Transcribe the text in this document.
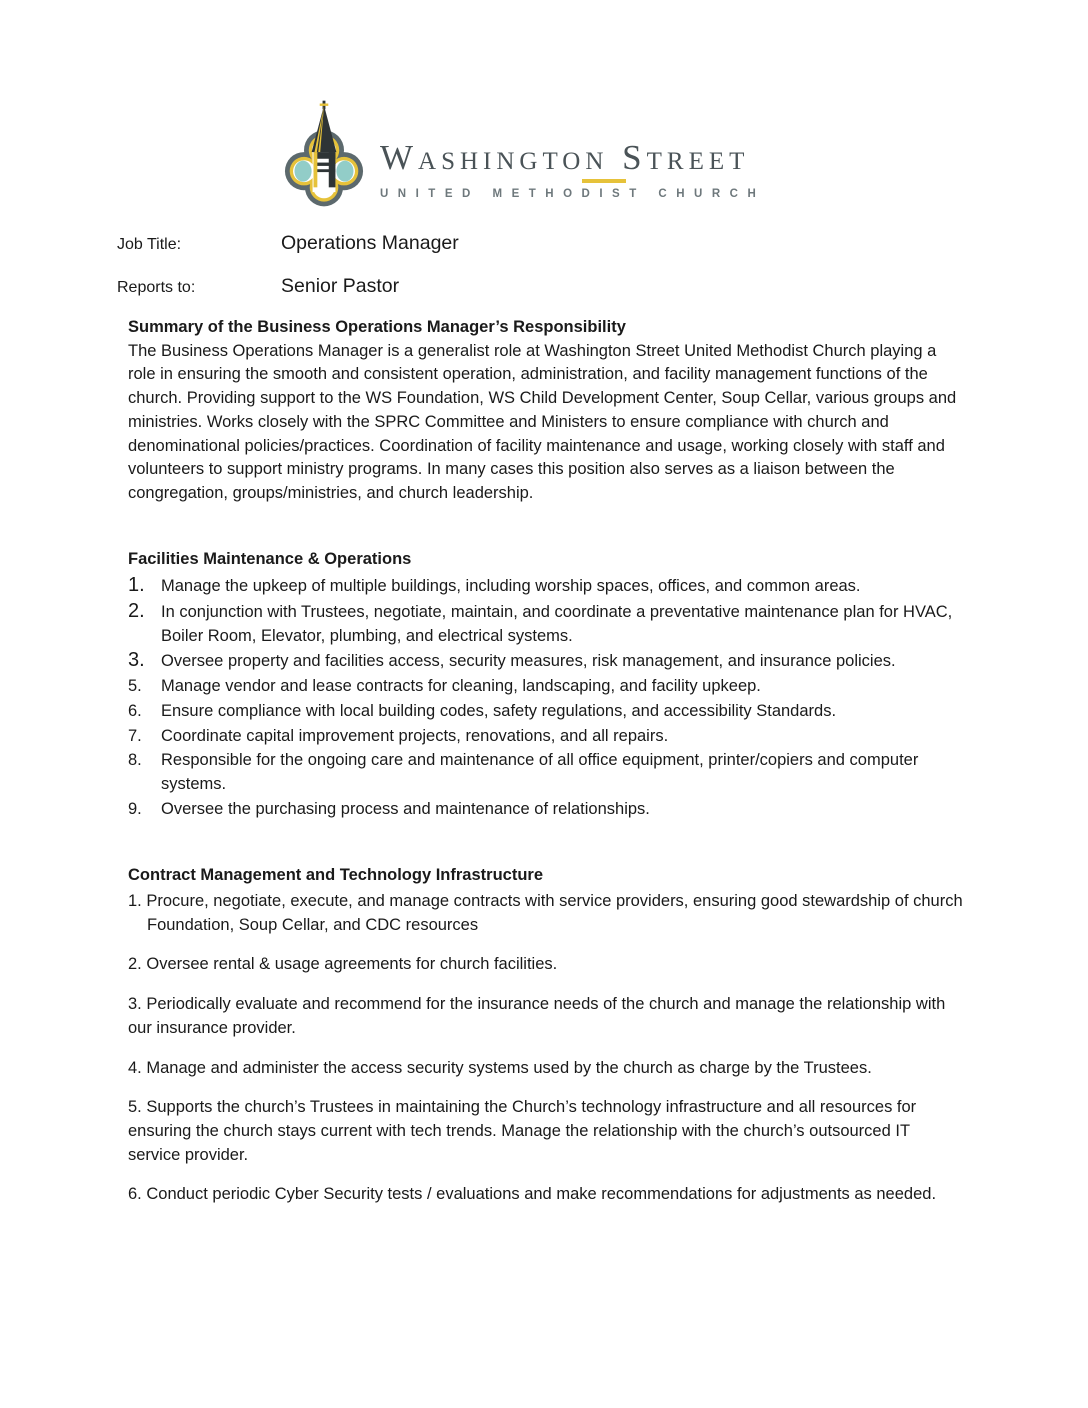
Washington Street
UNITED METHODIST CHURCH
Job Title:	Operations Manager
Reports to:	Senior Pastor
Summary of the Business Operations Manager’s Responsibility

The Business Operations Manager is a generalist role at Washington Street United Methodist Church playing a role in ensuring the smooth and consistent operation, administration, and facility management functions of the church. Providing support to the WS Foundation, WS Child Development Center, Soup Cellar, various groups and ministries. Works closely with the SPRC Committee and Ministers to ensure compliance with church and denominational policies/practices. Coordination of facility maintenance and usage, working closely with staff and volunteers to support ministry programs. In many cases this position also serves as a liaison between the congregation, groups/ministries, and church leadership.

Facilities Maintenance & Operations
1. Manage the upkeep of multiple buildings, including worship spaces, offices, and common areas.
2. In conjunction with Trustees, negotiate, maintain, and coordinate a preventative maintenance plan for HVAC, Boiler Room, Elevator, plumbing, and electrical systems.
3. Oversee property and facilities access, security measures, risk management, and insurance policies.
5.	Manage vendor and lease contracts for cleaning, landscaping, and facility upkeep.
6.	Ensure compliance with local building codes, safety regulations, and accessibility Standards.
7.	Coordinate capital improvement projects, renovations, and all repairs.
8.	Responsible for the ongoing care and maintenance of all office equipment, printer/copiers and computer systems.
9.	Oversee the purchasing process and maintenance of relationships.
Contract Management and Technology Infrastructure

1. Procure, negotiate, execute, and manage contracts with service providers, ensuring good stewardship of church Foundation, Soup Cellar, and CDC resources

2. Oversee rental & usage agreements for church facilities.

3. Periodically evaluate and recommend for the insurance needs of the church and manage the relationship with our insurance provider.

4. Manage and administer the access security systems used by the church as charge by the Trustees.

5. Supports the church’s Trustees in maintaining the Church’s technology infrastructure and all resources for ensuring the church stays current with tech trends. Manage the relationship with the church’s outsourced IT service provider.

6. Conduct periodic Cyber Security tests / evaluations and make recommendations for adjustments as needed.
